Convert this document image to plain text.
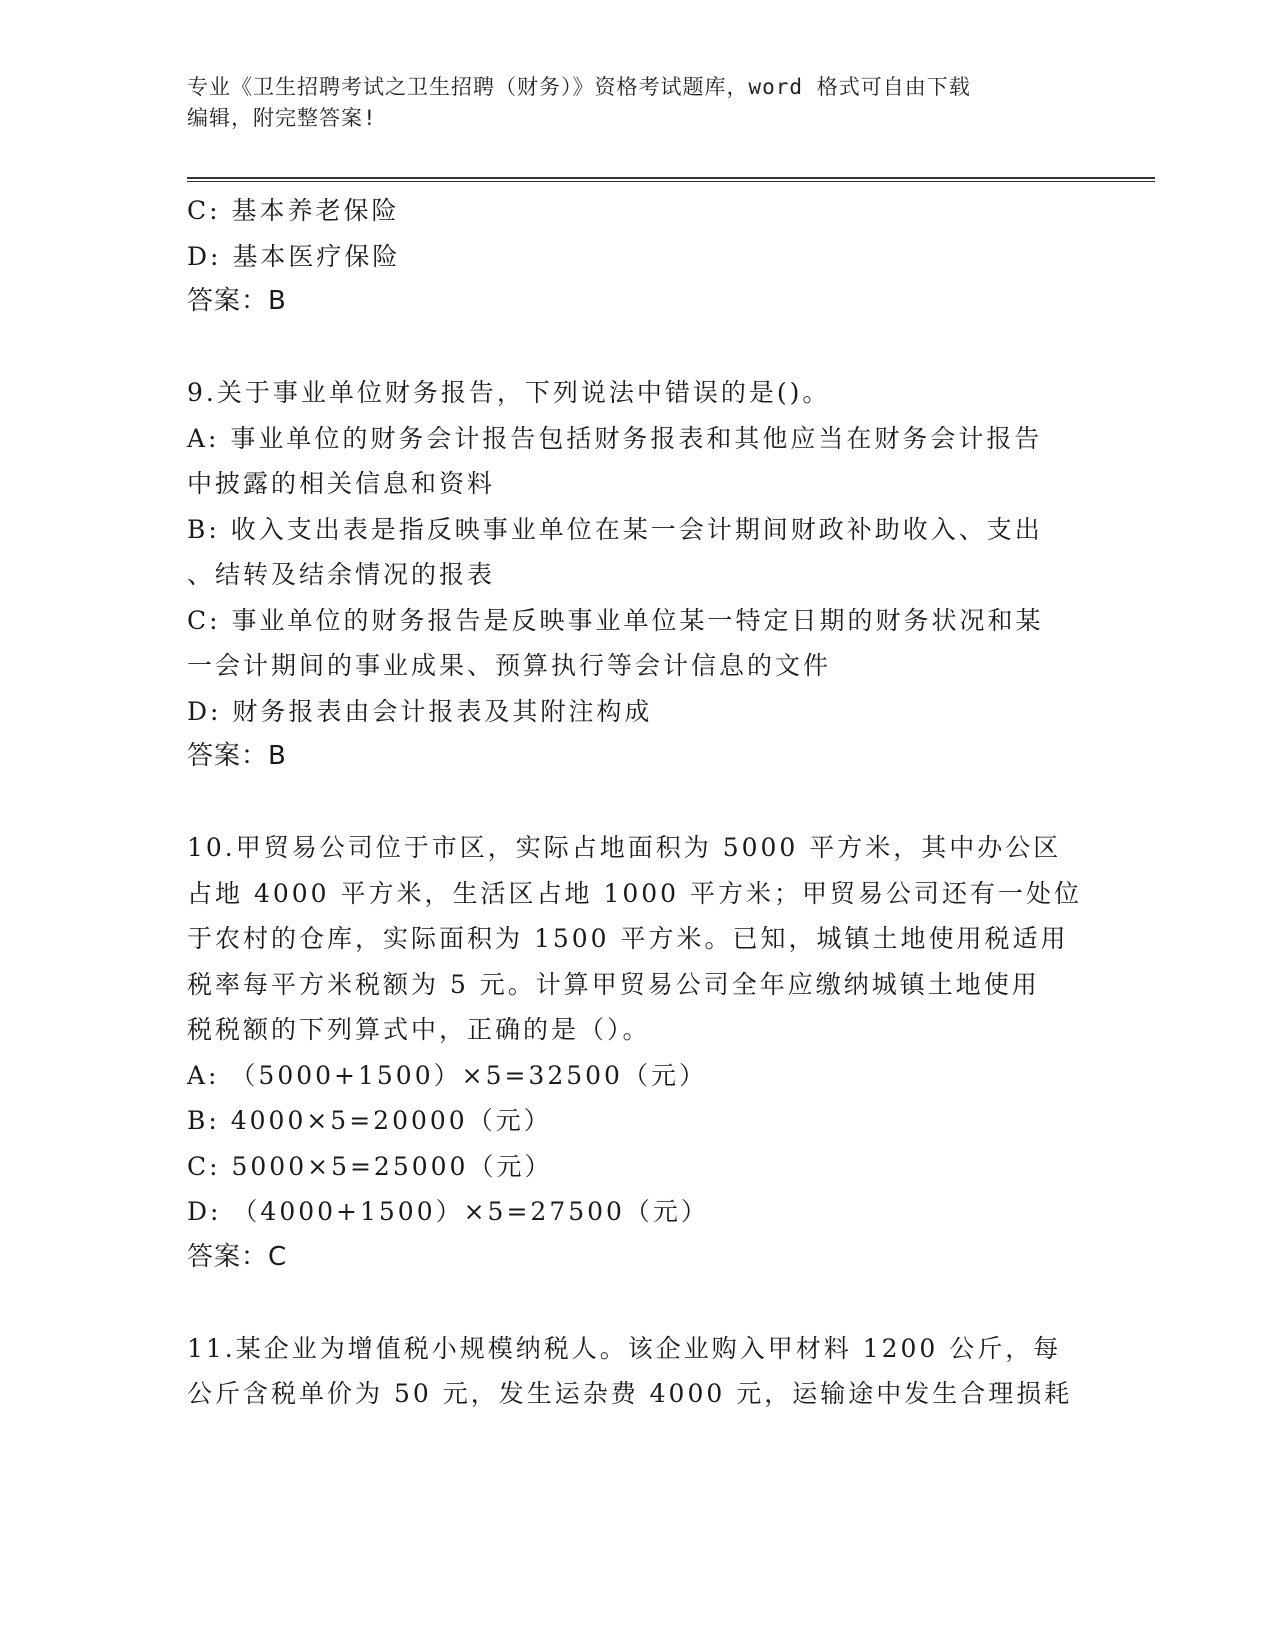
专业《卫生招聘考试之卫生招聘（财务）》资格考试题库，word 格式可自由下载
编辑，附完整答案!
C: 基本养老保险
D: 基本医疗保险
答案：B
9.关于事业单位财务报告，下列说法中错误的是()。
A: 事业单位的财务会计报告包括财务报表和其他应当在财务会计报告
中披露的相关信息和资料
B: 收入支出表是指反映事业单位在某一会计期间财政补助收入、支出
、结转及结余情况的报表
C: 事业单位的财务报告是反映事业单位某一特定日期的财务状况和某
一会计期间的事业成果、预算执行等会计信息的文件
D: 财务报表由会计报表及其附注构成
答案：B
10.甲贸易公司位于市区，实际占地面积为 5000 平方米，其中办公区
占地 4000 平方米，生活区占地 1000 平方米；甲贸易公司还有一处位
于农村的仓库，实际面积为 1500 平方米。已知，城镇土地使用税适用
税率每平方米税额为 5 元。计算甲贸易公司全年应缴纳城镇土地使用
税税额的下列算式中，正确的是（）。
A: （5000+1500）×5=32500（元）
B: 4000×5=20000（元）
C: 5000×5=25000（元）
D: （4000+1500）×5=27500（元）
答案：C
11.某企业为增值税小规模纳税人。该企业购入甲材料 1200 公斤，每
公斤含税单价为 50 元，发生运杂费 4000 元，运输途中发生合理损耗
